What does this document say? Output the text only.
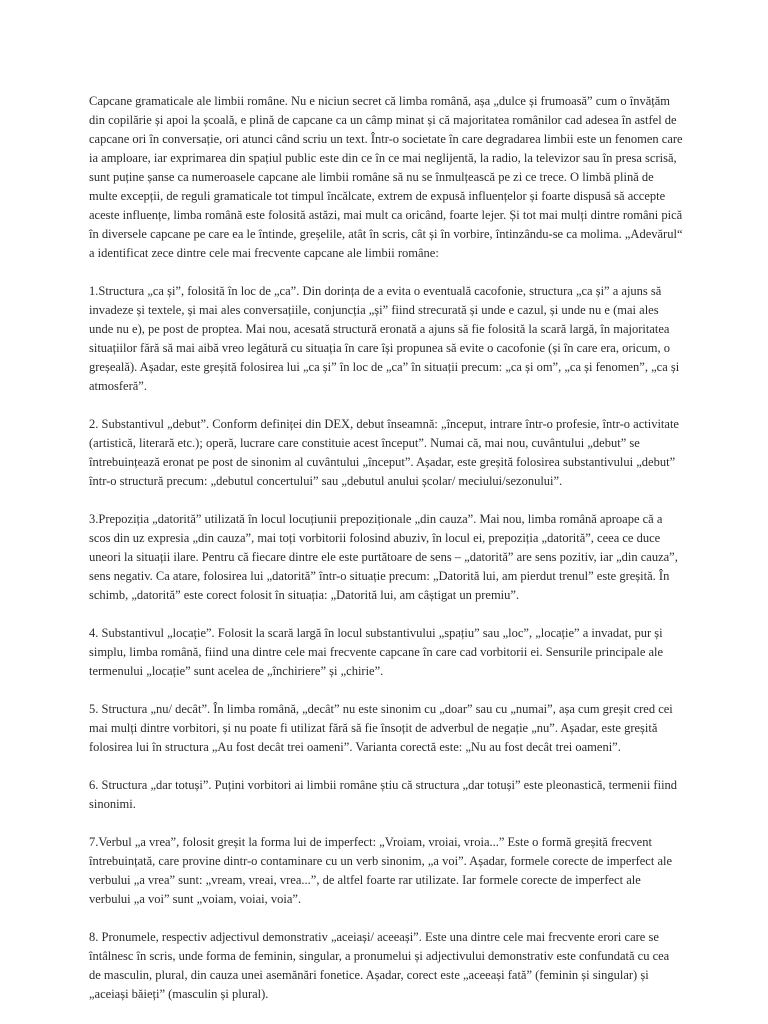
Capcane gramaticale ale limbii române. Nu e niciun secret că limba română, așa „dulce și frumoasă” cum o învățăm din copilărie și apoi la școală, e plină de capcane ca un câmp minat și că majoritatea românilor cad adesea în astfel de capcane ori în conversație, ori atunci când scriu un text. Într-o societate în care degradarea limbii este un fenomen care ia amploare, iar exprimarea din spațiul public este din ce în ce mai neglijentă, la radio, la televizor sau în presa scrisă, sunt puține șanse ca numeroasele capcane ale limbii române să nu se înmulțească pe zi ce trece. O limbă plină de multe excepții, de reguli gramaticale tot timpul încălcate, extrem de expusă influențelor și foarte dispusă să accepte aceste influențe, limba română este folosită astăzi, mai mult ca oricând, foarte lejer. Și tot mai mulți dintre români pică în diversele capcane pe care ea le întinde, greșelile, atât în scris, cât și în vorbire, întinzându-se ca molima. „Adevărul“ a identificat zece dintre cele mai frecvente capcane ale limbii române:

1.Structura „ca și”, folosită în loc de „ca”. Din dorința de a evita o eventuală cacofonie, structura „ca și” a ajuns să invadeze și textele, și mai ales conversațiile, conjuncția „și” fiind strecurată și unde e cazul, și unde nu e (mai ales unde nu e), pe post de proptea. Mai nou, acesată structură eronată a ajuns să fie folosită la scară largă, în majoritatea situațiilor fără să mai aibă vreo legătură cu situația în care își propunea să evite o cacofonie (și în care era, oricum, o greșeală). Așadar, este greșită folosirea lui „ca și” în loc de „ca” în situații precum: „ca și om”, „ca și fenomen”, „ca și atmosferă”.

2. Substantivul „debut”. Conform definiței din DEX, debut înseamnă: „început, intrare într-o profesie, într-o activitate (artistică, literară etc.); operă, lucrare care constituie acest început”. Numai că, mai nou, cuvântului „debut” se întrebuințează eronat pe post de sinonim al cuvântului „început”. Așadar, este greșită folosirea substantivului „debut” într-o structură precum: „debutul concertului” sau „debutul anului școlar/ meciului/sezonului”.

3.Prepoziția „datorită” utilizată în locul locuțiunii prepoziționale „din cauza”. Mai nou, limba română aproape că a scos din uz expresia „din cauza”, mai toți vorbitorii folosind abuziv, în locul ei, prepoziția „datorită”, ceea ce duce uneori la situații ilare. Pentru că fiecare dintre ele este purtătoare de sens – „datorită” are sens pozitiv, iar „din cauza”, sens negativ. Ca atare, folosirea lui „datorită” într-o situație precum: „Datorită lui, am pierdut trenul” este greșită. În schimb, „datorită” este corect folosit în situația: „Datorită lui, am câștigat un premiu”.

4. Substantivul „locație”. Folosit la scară largă în locul substantivului „spațiu” sau „loc”, „locație” a invadat, pur și simplu, limba română, fiind una dintre cele mai frecvente capcane în care cad vorbitorii ei. Sensurile principale ale termenului „locație” sunt acelea de „închiriere” și „chirie”.

5. Structura „nu/ decât”. În limba română, „decât” nu este sinonim cu „doar” sau cu „numai”, așa cum greșit cred cei mai mulți dintre vorbitori, și nu poate fi utilizat fără să fie însoțit de adverbul de negație „nu”. Așadar, este greșită folosirea lui în structura „Au fost decât trei oameni”. Varianta corectă este: „Nu au fost decât trei oameni”.

6. Structura „dar totuși”. Puțini vorbitori ai limbii române știu că structura „dar totuși” este pleonastică, termenii fiind sinonimi.

7.Verbul „a vrea”, folosit greșit la forma lui de imperfect: „Vroiam, vroiai, vroia...” Este o formă greșită frecvent întrebuințată, care provine dintr-o contaminare cu un verb sinonim, „a voi”. Așadar, formele corecte de imperfect ale verbului „a vrea” sunt: „vream, vreai, vrea...”, de altfel foarte rar utilizate. Iar formele corecte de imperfect ale verbului „a voi” sunt „voiam, voiai, voia”.

8. Pronumele, respectiv adjectivul demonstrativ „aceiași/ aceeași”. Este una dintre cele mai frecvente erori care se întâlnesc în scris, unde forma de feminin, singular, a pronumelui și adjectivului demonstrativ este confundată cu cea de masculin, plural, din cauza unei asemănări fonetice. Așadar, corect este „aceeași fată” (feminin și singular) și „aceiași băieți” (masculin și plural).
